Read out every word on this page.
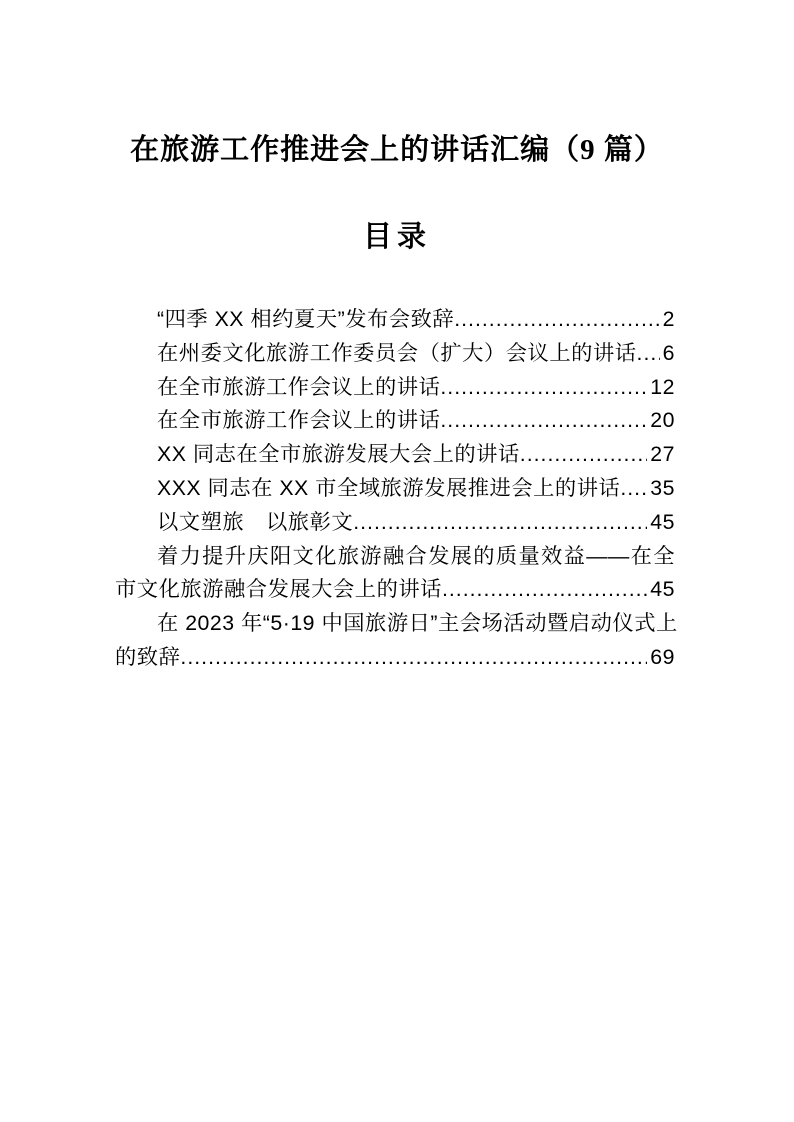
在旅游工作推进会上的讲话汇编（9 篇）
目录
“四季 XX 相约夏天”发布会致辞 .....	2
在州委文化旅游工作委员会（扩大）会议上的讲话 ..... 6
在全市旅游工作会议上的讲话 .....	12
在全市旅游工作会议上的讲话 .....	20
XX 同志在全市旅游发展大会上的讲话 .....	27
XXX 同志在 XX 市全域旅游发展推进会上的讲话 ..... 35
以文塑旅　以旅彰文 .....	45
着力提升庆阳文化旅游融合发展的质量效益——在全
市文化旅游融合发展大会上的讲话 .....	45
在 2023 年“5·19 中国旅游日”主会场活动暨启动仪式上
的致辞 .....	69
